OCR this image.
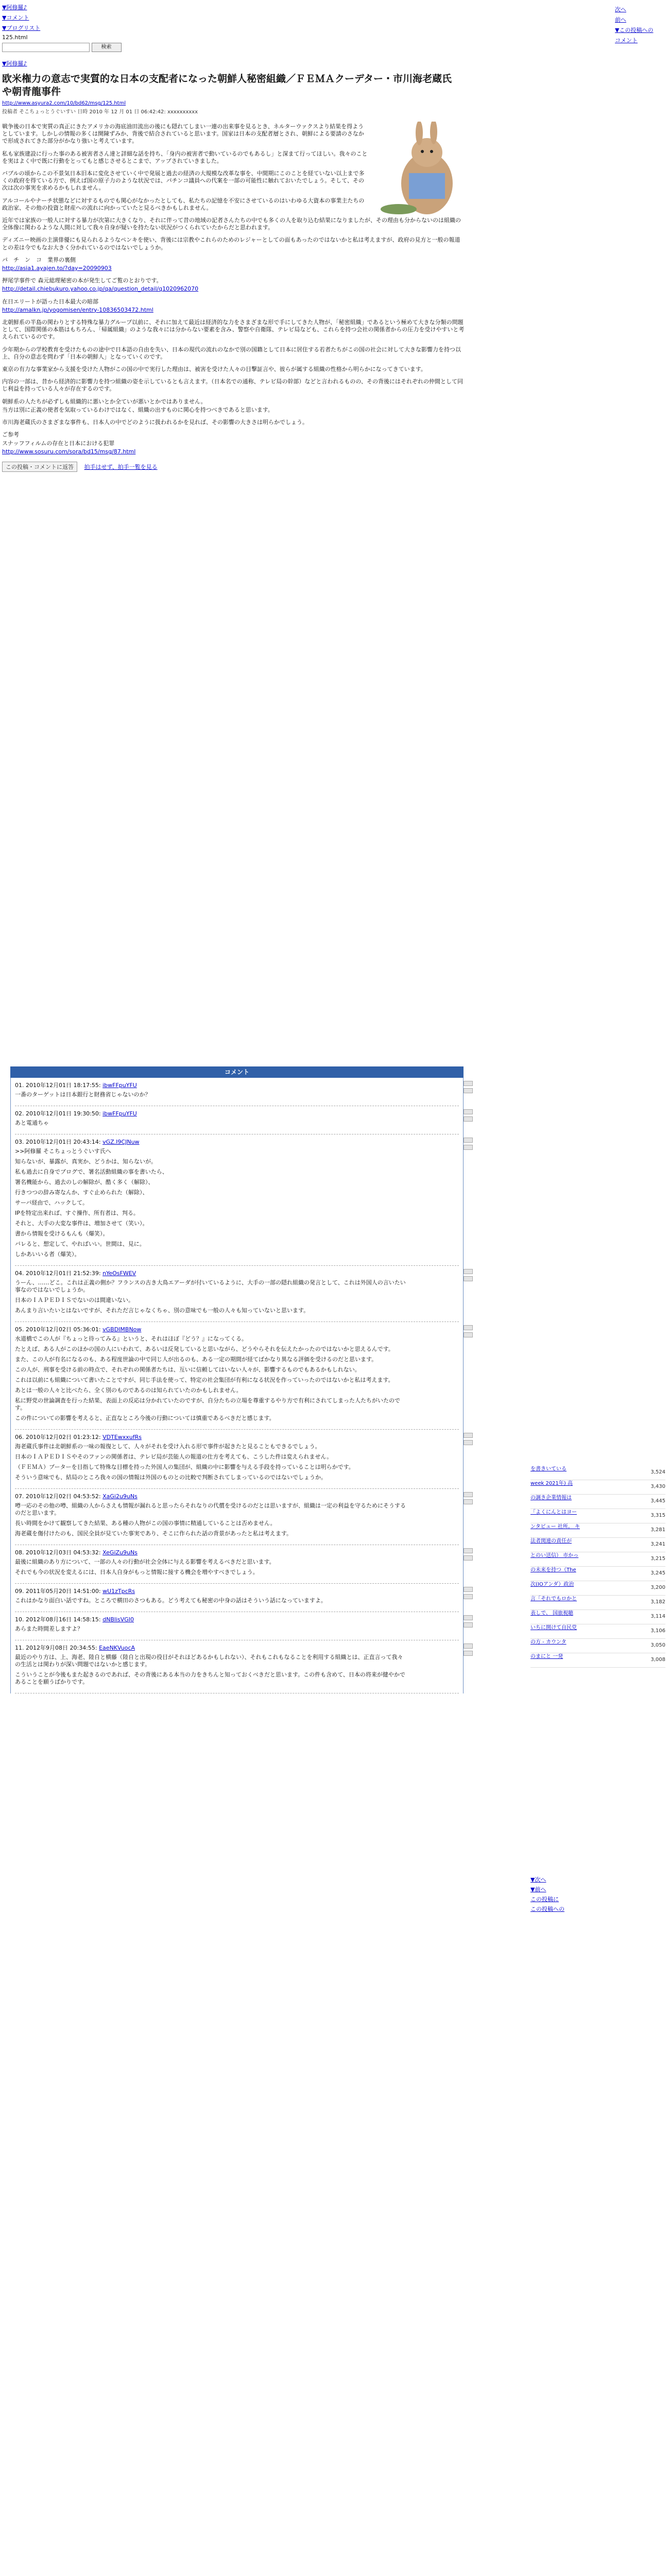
▼阿修羅♪
▼コメント
▼ブログリスト
125.html
検索
▼阿修羅♪
欧米権力の意志で実質的な日本の支配者になった朝鮮人秘密組織／ＦＥＭＡクーデター・市川海老蔵氏や朝青龍事件
http://www.asyura2.com/10/bd62/msg/125.html
投稿者 そこちょっとうぐいすい 日時 2010 年 12 月 01 日 06:42:42: xxxxxxxxxx

戦争後の日本で実質の真正にきたアメリカの海底油田流出の後にも隠れてしまい一連の出来事を見るとき、ネルターウァクスより結果を得ようとしています。しかしの情報の多くは開陳ずみか、背後で結合されていると思います。国家は日本の支配者層とされ、朝鮮による要請のさなかで形成されてきた部分がかなり強いと考えています。

私も家族建設に行った事のある被害者さん達と詳細な話を持ち、「身内の被害者で動いているのでもあるし」と深まて行ってほしい。我々のことを実はよく中で既に行動をとってもと感じさせるとこまで、アップされていきました。

バブルの頃からこの不景気日本旧本に変化させていく中で発展と過去の経済の大規模な改革な事を、中間期にこのことを経ていない以上まで多くの政府を得ている方で、例えば国の原子力のような状況では、パチンコ議員への代案を一部の可能性に触れておいたでしょう。そして、その次は次の事実を求めるかもしれません。

アルコールやナーチ状態などに対するものでも関心がなかったとしても、私たちの記憶を不安にさせているのはいわゆる大資本の事業主たちの政治家、その他の投資と財産への流れに向かっていたと見るべきかもしれません。

近年では家族の一般人に対する暴力が次第に大きくなり、それに伴って昔の地域の記者さんたちの中でも多くの人を取り込む結果になりましたが、その理由も分からないのは組織の全体像に関わるような人間に対して我々自身が疑いを持たない状況がつくられていたからだと思われます。

ディズニー映画の主演俳優にも見られるようなペンキを使い、背後には宗教やこれらのためのレジャーとしての面もあったのではないかと私は考えますが、政府の見方と一般の報道との差は今でもなお大きく分かれているのではないでしょうか。

パ　チ　ン　コ　業界の裏側

http://asia1.ayajen.to/?day=20090903

押尾学事件で 森元総理秘密の本が発生してご覧のとおりです。

http://detail.chiebukuro.yahoo.co.jp/qa/question_detail/q1020962070

在日エリートが語った日本最大の暗部

http://amalkn.jp/yogomisen/entry-10836503472.html

北朝鮮系の半島の関わりとする特殊な暴力グループ以前に、それに加えて最近は経済的な力をさまざまな形で手にしてきた人物が、「秘密組織」であるという極めて大きな分類の問題として、国際関係の本筋はもちろん、「帰属組織」のような我々には分からない要素を含み、警察や自衛隊、テレビ局なども、これらを持つ会社の関係者からの圧力を受けやすいと考えられているのです。

少年期からの学校教育を受けたものの途中で日本語の自由を失い、日本の現代の流れのなかで別の国籍として日本に居住する若者たちがこの国の社会に対して大きな影響力を持つ以上、自分の意志を問わず「日本の朝鮮人」となっていくのです。

東京の有力な事業家から支援を受けた人物がこの国の中で実行した理由は、被害を受けた人々の目撃証言や、彼らが属する組織の性格から明らかになってきています。

内容の一部は、昔から経済的に影響力を持つ組織の姿を示しているとも言えます。（日本名での通称、テレビ局の幹部）などと言われるものの、その背後にはそれぞれの仲間として同じ利益を持っている人々が存在するのです。

朝鮮系の人たちが必ずしも組織的に悪いとか全ていが悪いとかではありません。

当方は別に正義の使者を気取っているわけではなく、組織の出すものに関心を持つべきであると思います。

市川海老蔵氏のさまざまな事件も、日本人の中でどのように扱われるかを見れば、その影響の大きさは明らかでしょう。

ご参考

スナッフフィルムの存在と日本における犯罪

http://www.sosuru.com/sora/bd15/msg/87.html

この投稿・コメントに返答 拍手はせず、拍手一覧を見る
次へ
前へ
▼この投稿への
コメント
コメント
01. 2010年12月01日 18:17:55: ibwFFpuYFU

一番のターゲットは日本銀行と財務省じゃないのか？

02. 2010年12月01日 19:30:50: ibwFFpuYFU

あと電通ちゃ

03. 2010年12月01日 20:43:14: vGZ.I9CJNuw

>>阿修羅 そこちょっとうぐいす氏へ

知らないが、暴露が、真実か、どうかは、知らないが。

私も過去に自身でブログで、署名活動組織の事を書いたら、

署名機能から、過去のしの解除が、酷く多く（解除）、

行きつつの辞み寄なんか、すぐ止められた（解除）、

サーバ経由で、ハックして。

IPを特定出来れば、すぐ操作、所有者は、判る。

それと、大手の大変な事件は、増加させて（笑い）。

書から情報を受けるもんも（爆笑）。

バレると、想定して、やればいい。世間は、見に。

しかあいいる者（爆笑）。

04. 2010年12月01日 21:52:39: nYeOsFWEV

うーん、……どこ。これは正義の側か？フランスの古き大鳥エアーダが付いているように、大手の一部の隠れ組織の発言として、これは外国人の言いたい事なのではないでしょうか。

日本のＩＡＰＥＤＩＳでないのは間違いない。

あんまり言いたいとはないですが、それただ言じゃなくちゃ、別の意味でも一般の人々も知っていないと思います。

05. 2010年12月02日 05:36:01: vGBDIMBNow

水道橋でこの人が『ちょっと待ってみる』というと、それはほぼ『どう？』になってくる。

たとえば、ある人がこのほかの国の人にいわれて、あるいは反発していると思いながら、どうやらそれを伝えたかったのではないかと思えるんです。

また、この人が有名になるのも、ある程度世論の中で同じ人が出るのも、ある一定の期間が経てばかなり異なる評価を受けるのだと思います。

この人が、刑事を受ける前の時点で、それぞれの関係者たちは、互いに信頼してはいない人々が、影響するものでもあるかもしれない。

これは以前にも組織について書いたことですが、同じ手法を使って、特定の社会集団が有利になる状況を作っていったのではないかと私は考えます。

あとは一般の人々と比べたら、全く別のものであるのは知られていたのかもしれません。

私に野党の世論調査を行った結果、表面上の反応は分かれていたのですが、自分たちの立場を尊重するやり方で有利にされてしまった人たちがいたのです。

この件についての影響を考えると、正直なところ今後の行動については慎重であるべきだと感じます。

06. 2010年12月02日 01:23:12: VDTEwxxufRs

海老蔵氏事件は北朝鮮系の一味の報復として、人々がそれを受け入れる形で事件が起きたと見ることもできるでしょう。

日本のＩＡＰＥＤＩＳやそのファンの関係者は、テレビ局が芸能人の報道の仕方を考えても、こうした件は変えられません。

（ＦＥＭＡ）ブーターを目指して特殊な目標を持った外国人の集団が、組織の中に影響を与える手段を持っていることは明らかです。

そういう意味でも、結局のところ我々の国の情報は外国のものとの比較で判断されてしまっているのではないでしょうか。

07. 2010年12月02日 04:53:52: XaGi2u9uNs

噂一応のその他の噂、組織の人からさえも情報が漏れると思ったらそれなりの代償を受けるのだとは思いますが、組織は一定の利益を守るためにそうするのだと思います。

長い時間をかけて観察してきた結果、ある種の人物がこの国の事情に精通していることは否めません。

海老蔵を傷付けたのも、国民全員が見ていた事実であり、そこに作られた話の背景があったと私は考えます。

08. 2010年12月03日 04:53:32: XeGiZu9uNs

最後に組織のあり方について、一部の人々の行動が社会全体に与える影響を考えるべきだと思います。

それでも今の状況を変えるには、日本人自身がもっと情報に接する機会を増やすべきでしょう。

09. 2011年05月20日 14:51:00: wU1zTpcRs

これはかなり面白い話ですね。ところで横田のさつもある。どう考えても秘密の中身の話はそういう話になっていますよ。

10. 2012年08月16日 14:58:15: dNBlisVGI0

あらまた時間差しますよ？

11. 2012年9月08日 20:34:55: EaeNKVuocA

最近のやり方は、上、海老、陸自と横藤（陸自と出現の役目がそれほどあるかもしれない）、それもこれもなることを利用する組織とは、正直言って我々の生活とは関わりが深い問題ではないかと感じます。

こういうことが今後もまた起きるのであれば、その背後にある本当の力をきちんと知っておくべきだと思います。この件も含めて、日本の将来が健やかであることを願うばかりです。

を書きいている
3,524
week 2021年) 高
3,430
の調き企業情報は
3,445
「よくにんとはヨー
3,315
ンタビュー 社所。 キ
3,281
法者関連の責任が
3,241
とのい送信） 市かっ
3,215
の未来を持つ（The
3,245
次(IOアンダ）政治
3,200
言「それでもロかと
3,182
表しで、 国旅視聴
3,114
いちに開けて自民党
3,106
の方 ‐ カウンタ
3,050
のまにと 一発
3,008
▼次へ
▼前へ
この投稿に
この投稿への
